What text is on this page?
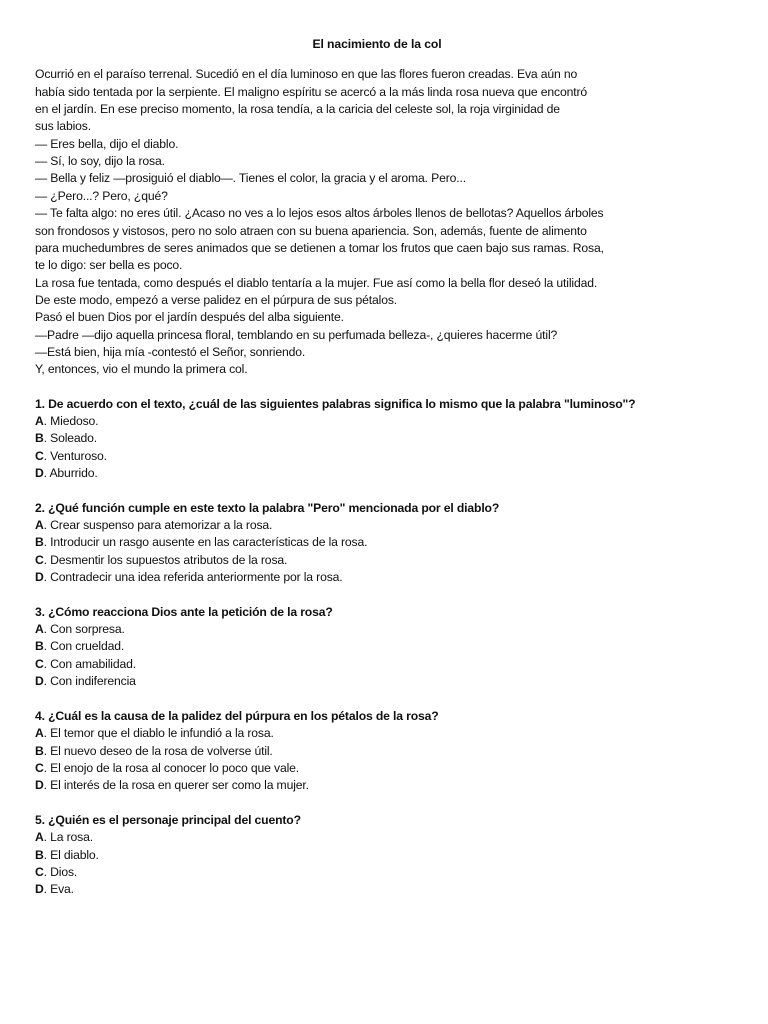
El nacimiento de la col

Ocurrió en el paraíso terrenal. Sucedió en el día luminoso en que las flores fueron creadas. Eva aún no

había sido tentada por la serpiente. El maligno espíritu se acercó a la más linda rosa nueva que encontró

en el jardín. En ese preciso momento, la rosa tendía, a la caricia del celeste sol, la roja virginidad de

sus labios.

— Eres bella, dijo el diablo.

— Sí, lo soy, dijo la rosa.

— Bella y feliz —prosiguió el diablo—. Tienes el color, la gracia y el aroma. Pero...

— ¿Pero...? Pero, ¿qué?

— Te falta algo: no eres útil. ¿Acaso no ves a lo lejos esos altos árboles llenos de bellotas? Aquellos árboles

son frondosos y vistosos, pero no solo atraen con su buena apariencia. Son, además, fuente de alimento

para muchedumbres de seres animados que se detienen a tomar los frutos que caen bajo sus ramas. Rosa,

te lo digo: ser bella es poco.

La rosa fue tentada, como después el diablo tentaría a la mujer. Fue así como la bella flor deseó la utilidad.

De este modo, empezó a verse palidez en el púrpura de sus pétalos.

Pasó el buen Dios por el jardín después del alba siguiente.

—Padre —dijo aquella princesa floral, temblando en su perfumada belleza-, ¿quieres hacerme útil?

—Está bien, hija mía -contestó el Señor, sonriendo.

Y, entonces, vio el mundo la primera col.

1. De acuerdo con el texto, ¿cuál de las siguientes palabras significa lo mismo que la palabra "luminoso"?
A. Miedoso.
B. Soleado.
C. Venturoso.
D. Aburrido.
2. ¿Qué función cumple en este texto la palabra "Pero" mencionada por el diablo?
A. Crear suspenso para atemorizar a la rosa.
B. Introducir un rasgo ausente en las características de la rosa.
C. Desmentir los supuestos atributos de la rosa.
D. Contradecir una idea referida anteriormente por la rosa.
3. ¿Cómo reacciona Dios ante la petición de la rosa?
A. Con sorpresa.
B. Con crueldad.
C. Con amabilidad.
D. Con indiferencia
4. ¿Cuál es la causa de la palidez del púrpura en los pétalos de la rosa?
A. El temor que el diablo le infundió a la rosa.
B. El nuevo deseo de la rosa de volverse útil.
C. El enojo de la rosa al conocer lo poco que vale.
D. El interés de la rosa en querer ser como la mujer.
5. ¿Quién es el personaje principal del cuento?
A. La rosa.
B. El diablo.
C. Dios.
D. Eva.
